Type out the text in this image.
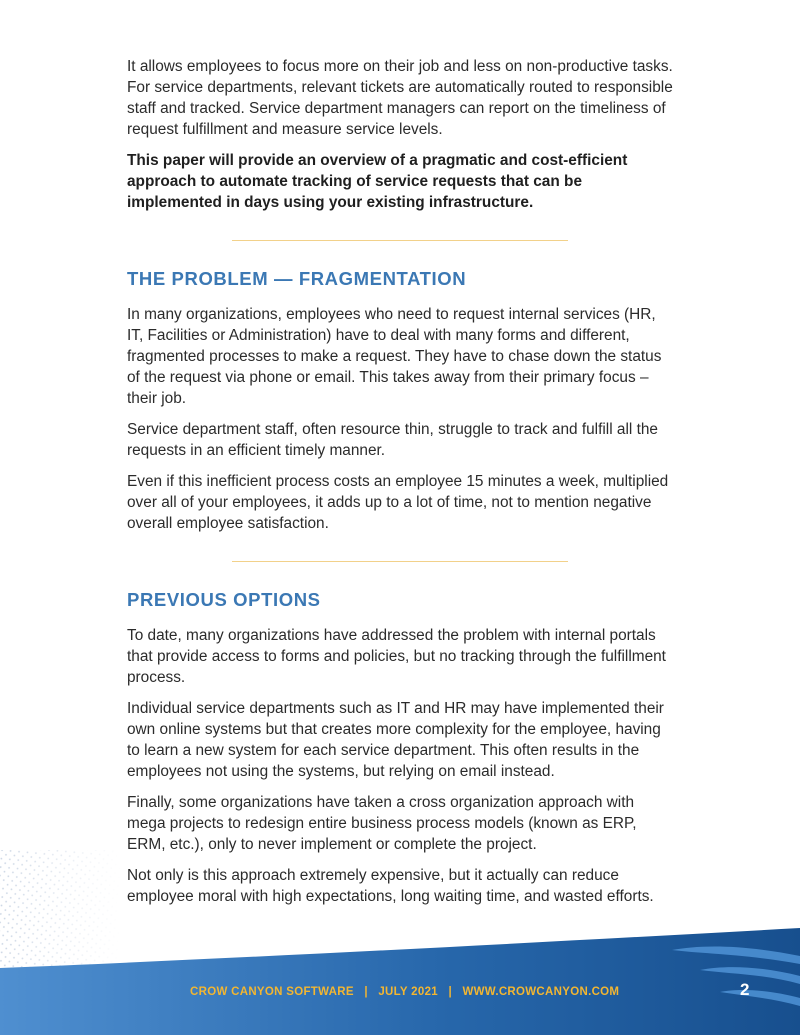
It allows employees to focus more on their job and less on non-productive tasks. For service departments, relevant tickets are automatically routed to responsible staff and tracked. Service department managers can report on the timeliness of request fulfillment and measure service levels.

This paper will provide an overview of a pragmatic and cost-efficient approach to automate tracking of service requests that can be implemented in days using your existing infrastructure.

THE PROBLEM — FRAGMENTATION

In many organizations, employees who need to request internal services (HR, IT, Facilities or Administration) have to deal with many forms and different, fragmented processes to make a request. They have to chase down the status of the request via phone or email. This takes away from their primary focus – their job.

Service department staff, often resource thin, struggle to track and fulfill all the requests in an efficient timely manner.

Even if this inefficient process costs an employee 15 minutes a week, multiplied over all of your employees, it adds up to a lot of time, not to mention negative overall employee satisfaction.

PREVIOUS OPTIONS

To date, many organizations have addressed the problem with internal portals that provide access to forms and policies, but no tracking through the fulfillment process.

Individual service departments such as IT and HR may have implemented their own online systems but that creates more complexity for the employee, having to learn a new system for each service department. This often results in the employees not using the systems, but relying on email instead.

Finally, some organizations have taken a cross organization approach with mega projects to redesign entire business process models (known as ERP, ERM, etc.), only to never implement or complete the project.

Not only is this approach extremely expensive, but it actually can reduce employee moral with high expectations, long waiting time, and wasted efforts.

CROW CANYON SOFTWARE | JULY 2021 | WWW.CROWCANYON.COM	2
